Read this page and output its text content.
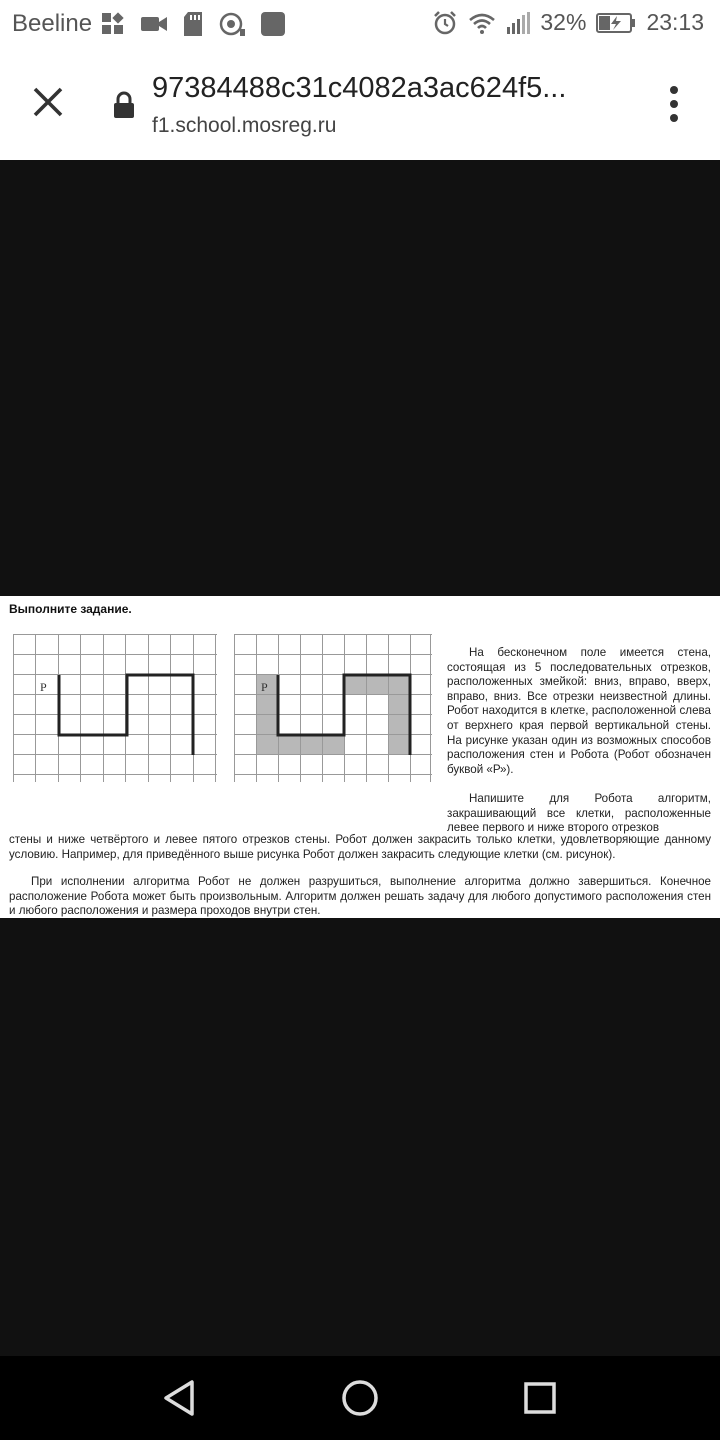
Beeline	32%	23:13
97384488c31c4082a3ac624f5...
f1.school.mosreg.ru
Выполните задание.
Р	Р
На бесконечном поле имеется стена, состоящая из 5 последовательных отрезков, расположенных змейкой: вниз, вправо, вверх, вправо, вниз. Все отрезки неизвестной длины. Робот находится в клетке, расположенной слева от верхнего края первой вертикальной стены. На рисунке указан один из возможных способов расположения стен и Робота (Робот обозначен буквой «Р»).
Напишите для Робота алгоритм, закрашивающий все клетки, расположенные левее первого и ниже второго отрезков
стены и ниже четвёртого и левее пятого отрезков стены. Робот должен закрасить только клетки, удовлетворяющие данному условию. Например, для приведённого выше рисунка Робот должен закрасить следующие клетки (см. рисунок).
При исполнении алгоритма Робот не должен разрушиться, выполнение алгоритма должно завершиться. Конечное расположение Робота может быть произвольным. Алгоритм должен решать задачу для любого допустимого расположения стен и любого расположения и размера проходов внутри стен.
